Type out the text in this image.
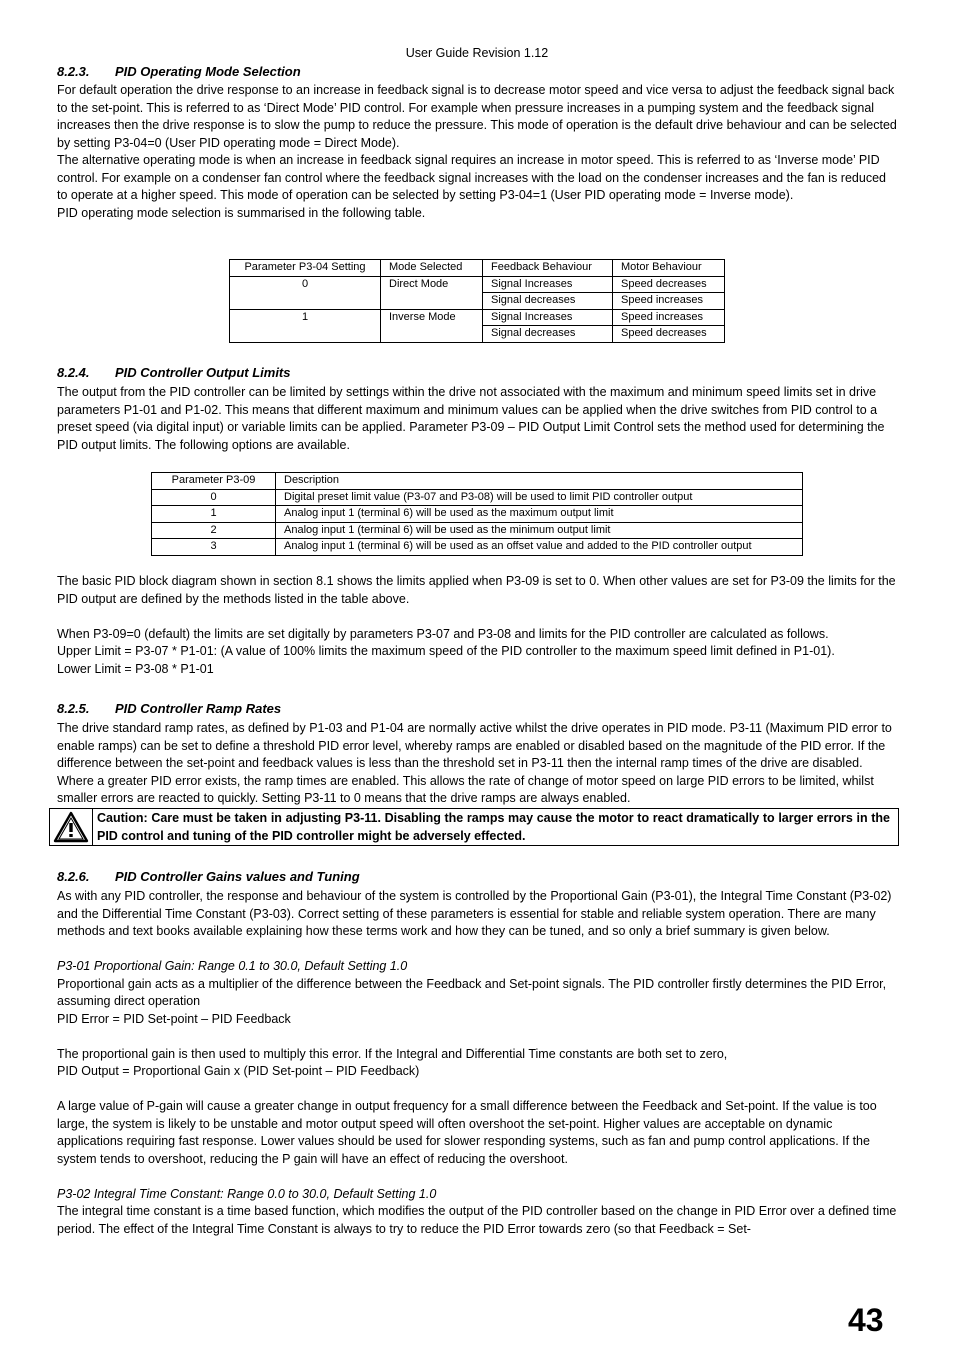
User Guide Revision 1.12
8.2.3. PID Operating Mode Selection

For default operation the drive response to an increase in feedback signal is to decrease motor speed and vice versa to adjust the feedback signal back to the set-point. This is referred to as ‘Direct Mode’ PID control. For example when pressure increases in a pumping system and the feedback signal increases then the drive response is to slow the pump to reduce the pressure. This mode of operation is the default drive behaviour and can be selected by setting P3-04=0 (User PID operating mode = Direct Mode).

The alternative operating mode is when an increase in feedback signal requires an increase in motor speed. This is referred to as ‘Inverse mode’ PID control. For example on a condenser fan control where the feedback signal increases with the load on the condenser increases and the fan is reduced to operate at a higher speed. This mode of operation can be selected by setting P3-04=1 (User PID operating mode = Inverse mode).

PID operating mode selection is summarised in the following table.

Parameter P3-04 Setting	Mode Selected	Feedback Behaviour	Motor Behaviour
0	Direct Mode	Signal Increases	Speed decreases
		Signal decreases	Speed increases
1	Inverse Mode	Signal Increases	Speed increases
		Signal decreases	Speed decreases
8.2.4. PID Controller Output Limits

The output from the PID controller can be limited by settings within the drive not associated with the maximum and minimum speed limits set in drive parameters P1-01 and P1-02. This means that different maximum and minimum values can be applied when the drive switches from PID control to a preset speed (via digital input) or variable limits can be applied. Parameter P3-09 – PID Output Limit Control sets the method used for determining the PID output limits. The following options are available.

Parameter P3-09	Description
0	Digital preset limit value (P3-07 and P3-08) will be used to limit PID controller output
1	Analog input 1 (terminal 6) will be used as the maximum output limit
2	Analog input 1 (terminal 6) will be used as the minimum output limit
3	Analog input 1 (terminal 6) will be used as an offset value and added to the PID controller output

The basic PID block diagram shown in section 8.1 shows the limits applied when P3-09 is set to 0. When other values are set for P3-09 the limits for the PID output are defined by the methods listed in the table above.

When P3-09=0 (default) the limits are set digitally by parameters P3-07 and P3-08 and limits for the PID controller are calculated as follows.

Upper Limit = P3-07 * P1-01: (A value of 100% limits the maximum speed of the PID controller to the maximum speed limit defined in P1-01).

Lower Limit = P3-08 * P1-01

8.2.5. PID Controller Ramp Rates

The drive standard ramp rates, as defined by P1-03 and P1-04 are normally active whilst the drive operates in PID mode. P3-11 (Maximum PID error to enable ramps) can be set to define a threshold PID error level, whereby ramps are enabled or disabled based on the magnitude of the PID error. If the difference between the set-point and feedback values is less than the threshold set in P3-11 then the internal ramp times of the drive are disabled. Where a greater PID error exists, the ramp times are enabled. This allows the rate of change of motor speed on large PID errors to be limited, whilst smaller errors are reacted to quickly. Setting P3-11 to 0 means that the drive ramps are always enabled.

Caution: Care must be taken in adjusting P3-11. Disabling the ramps may cause the motor to react dramatically to larger errors in the PID control and tuning of the PID controller might be adversely effected.
8.2.6. PID Controller Gains values and Tuning

As with any PID controller, the response and behaviour of the system is controlled by the Proportional Gain (P3-01), the Integral Time Constant (P3-02) and the Differential Time Constant (P3-03). Correct setting of these parameters is essential for stable and reliable system operation. There are many methods and text books available explaining how these terms work and how they can be tuned, and so only a brief summary is given below.

P3-01 Proportional Gain: Range 0.1 to 30.0, Default Setting 1.0

Proportional gain acts as a multiplier of the difference between the Feedback and Set-point signals. The PID controller firstly determines the PID Error, assuming direct operation

PID Error = PID Set-point – PID Feedback

The proportional gain is then used to multiply this error. If the Integral and Differential Time constants are both set to zero,

PID Output = Proportional Gain x (PID Set-point – PID Feedback)

A large value of P-gain will cause a greater change in output frequency for a small difference between the Feedback and Set-point. If the value is too large, the system is likely to be unstable and motor output speed will often overshoot the set-point. Higher values are acceptable on dynamic applications requiring fast response. Lower values should be used for slower responding systems, such as fan and pump control applications. If the system tends to overshoot, reducing the P gain will have an effect of reducing the overshoot.

P3-02 Integral Time Constant: Range 0.0 to 30.0, Default Setting 1.0

The integral time constant is a time based function, which modifies the output of the PID controller based on the change in PID Error over a defined time period. The effect of the Integral Time Constant is always to try to reduce the PID Error towards zero (so that Feedback = Set-

43
